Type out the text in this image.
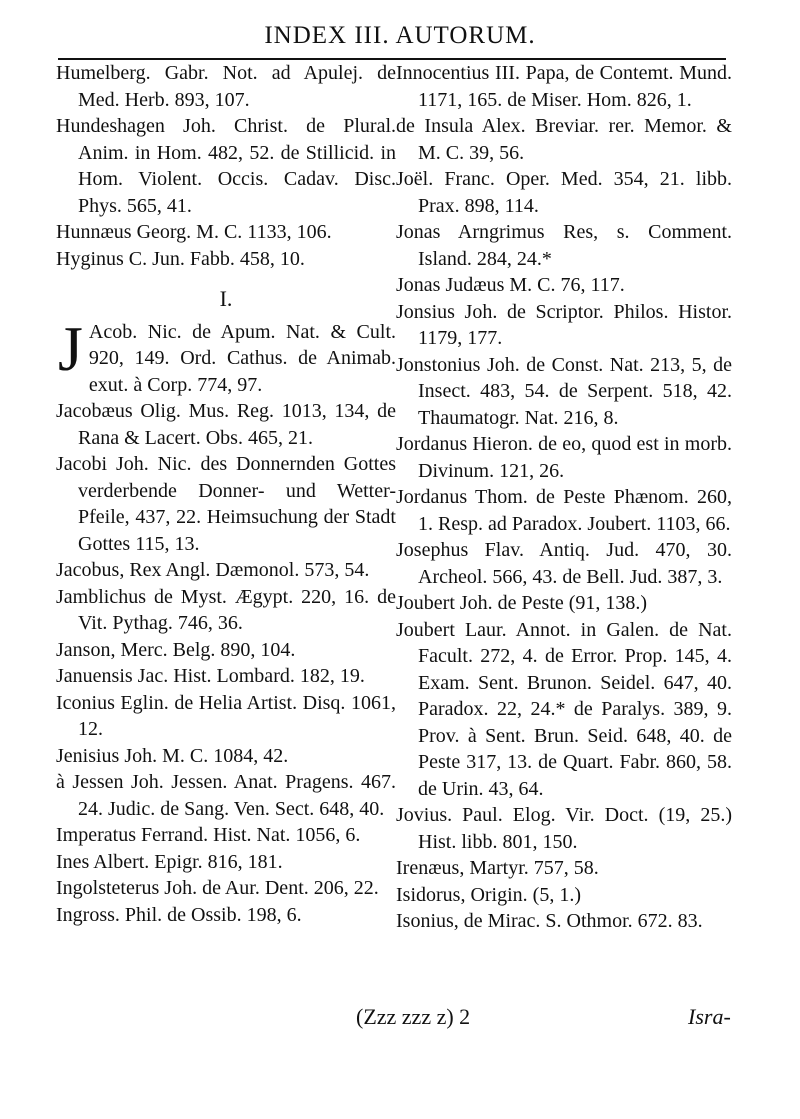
INDEX III. AUTORUM.
Humelberg. Gabr. Not. ad Apulej. de Med. Herb. 893, 107.
Hundeshagen Joh. Christ. de Plural. Anim. in Hom. 482, 52. de Stillicid. in Hom. Violent. Occis. Cadav. Disc. Phys. 565, 41.
Hunnæus Georg. M. C. 1133, 106.
Hyginus C. Jun. Fabb. 458, 10.
I.
J Acob. Nic. de Apum. Nat. & Cult. 920, 149. Ord. Cathus. de Animab. exut. à Corp. 774, 97.
Jacobæus Olig. Mus. Reg. 1013, 134, de Rana & Lacert. Obs. 465, 21.
Jacobi Joh. Nic. des Donnernden Gottes verderbende Donner- und Wetter-Pfeile, 437, 22. Heimsuchung der Stadt Gottes 115, 13.
Jacobus, Rex Angl. Dæmonol. 573, 54.
Jamblichus de Myst. Ægypt. 220, 16. de Vit. Pythag. 746, 36.
Janson, Merc. Belg. 890, 104.
Januensis Jac. Hist. Lombard. 182, 19.
Iconius Eglin. de Helia Artist. Disq. 1061, 12.
Jenisius Joh. M. C. 1084, 42.
à Jessen Joh. Jessen. Anat. Pragens. 467. 24. Judic. de Sang. Ven. Sect. 648, 40.
Imperatus Ferrand. Hist. Nat. 1056, 6.
Ines Albert. Epigr. 816, 181.
Ingolsteterus Joh. de Aur. Dent. 206, 22.
Ingross. Phil. de Ossib. 198, 6.
Innocentius III. Papa, de Contemt. Mund. 1171, 165. de Miser. Hom. 826, 1.
de Insula Alex. Breviar. rer. Memor. & M. C. 39, 56.
Joël. Franc. Oper. Med. 354, 21. libb. Prax. 898, 114.
Jonas Arngrimus Res, s. Comment. Island. 284, 24.*
Jonas Judæus M. C. 76, 117.
Jonsius Joh. de Scriptor. Philos. Histor. 1179, 177.
Jonstonius Joh. de Const. Nat. 213, 5, de Insect. 483, 54. de Serpent. 518, 42. Thaumatogr. Nat. 216, 8.
Jordanus Hieron. de eo, quod est in morb. Divinum. 121, 26.
Jordanus Thom. de Peste Phænom. 260, 1. Resp. ad Paradox. Joubert. 1103, 66.
Josephus Flav. Antiq. Jud. 470, 30. Archeol. 566, 43. de Bell. Jud. 387, 3.
Joubert Joh. de Peste (91, 138.)
Joubert Laur. Annot. in Galen. de Nat. Facult. 272, 4. de Error. Prop. 145, 4. Exam. Sent. Brunon. Seidel. 647, 40. Paradox. 22, 24.* de Paralys. 389, 9. Prov. à Sent. Brun. Seid. 648, 40. de Peste 317, 13. de Quart. Fabr. 860, 58. de Urin. 43, 64.
Jovius. Paul. Elog. Vir. Doct. (19, 25.) Hist. libb. 801, 150.
Irenæus, Martyr. 757, 58.
Isidorus, Origin. (5, 1.)
Isonius, de Mirac. S. Othmor. 672. 83.
(Zzz zzz z) 2	Isra-
